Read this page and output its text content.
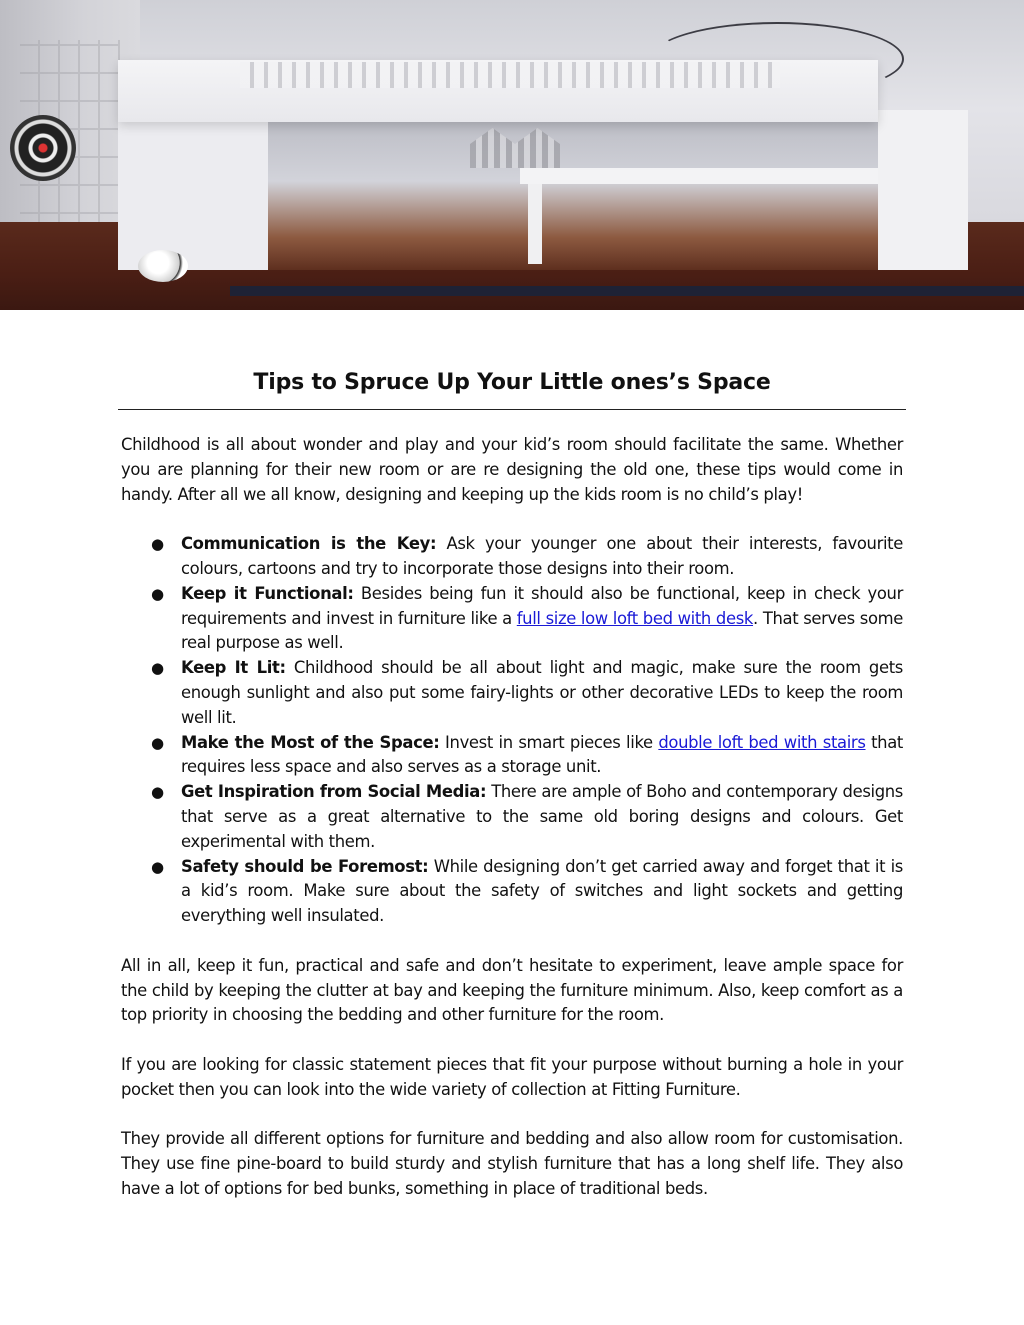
Tips to Spruce Up Your Little ones’s Space

Childhood is all about wonder and play and your kid’s room should facilitate the same. Whether you are planning for their new room or are re designing the old one, these tips would come in handy. After all we all know, designing and keeping up the kids room is no child’s play!

● Communication is the Key: Ask your younger one about their interests, favourite colours, cartoons and try to incorporate those designs into their room.
● Keep it Functional: Besides being fun it should also be functional, keep in check your requirements and invest in furniture like a full size low loft bed with desk. That serves some real purpose as well.
● Keep It Lit: Childhood should be all about light and magic, make sure the room gets enough sunlight and also put some fairy-lights or other decorative LEDs to keep the room well lit.
● Make the Most of the Space: Invest in smart pieces like double loft bed with stairs that requires less space and also serves as a storage unit.
● Get Inspiration from Social Media: There are ample of Boho and contemporary designs that serve as a great alternative to the same old boring designs and colours. Get experimental with them.
● Safety should be Foremost: While designing don’t get carried away and forget that it is a kid’s room. Make sure about the safety of switches and light sockets and getting everything well insulated.

All in all, keep it fun, practical and safe and don’t hesitate to experiment, leave ample space for the child by keeping the clutter at bay and keeping the furniture minimum. Also, keep comfort as a top priority in choosing the bedding and other furniture for the room.

If you are looking for classic statement pieces that fit your purpose without burning a hole in your pocket then you can look into the wide variety of collection at Fitting Furniture.

They provide all different options for furniture and bedding and also allow room for customisation. They use fine pine-board to build sturdy and stylish furniture that has a long shelf life. They also have a lot of options for bed bunks, something in place of traditional beds.
